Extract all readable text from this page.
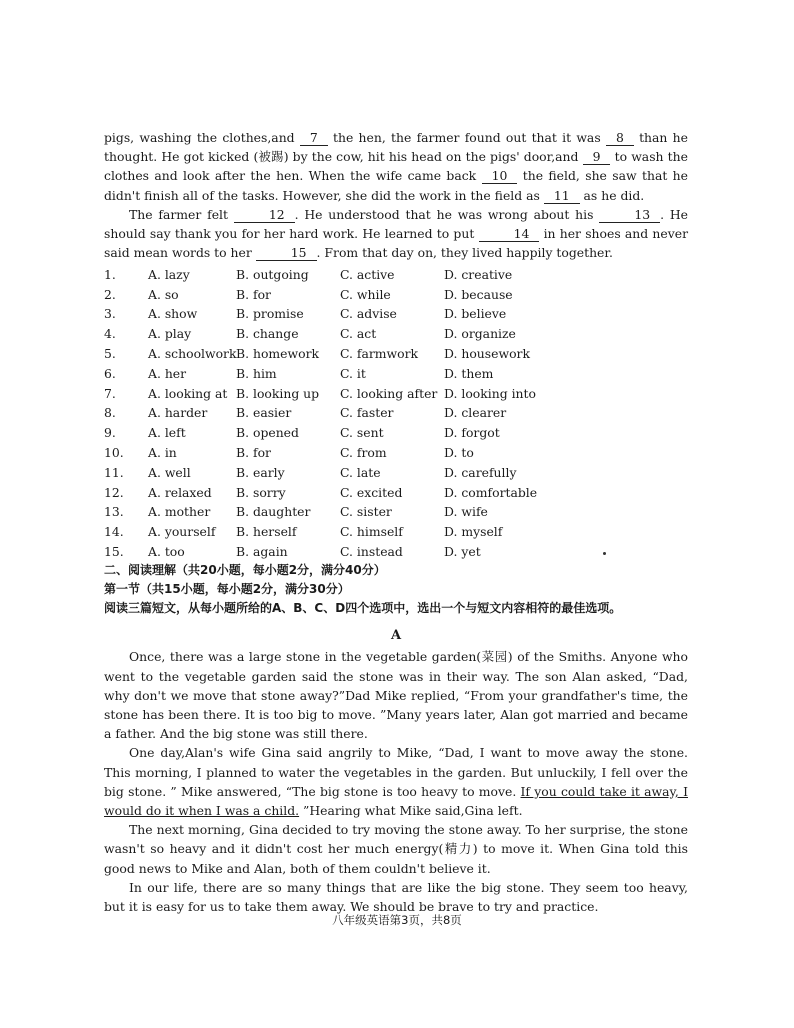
pigs, washing the clothes,and 7 the hen, the farmer found out that it was 8 than he thought. He got kicked (被踢) by the cow, hit his head on the pigs' door,and 9 to wash the clothes and look after the hen. When the wife came back 10 the field, she saw that he didn't finish all of the tasks. However, she did the work in the field as 11 as he did.

The farmer felt	12 . He understood that he was wrong about his	13 . He should say thank you for her hard work. He learned to put	14 in her shoes and never said mean words to her	15 . From that day on, they lived happily together.

1.	A. lazy	B. outgoing	C. active	D. creative
2.	A. so	B. for	C. while	D. because
3.	A. show	B. promise	C. advise	D. believe
4.	A. play	B. change	C. act	D. organize
5.	A. schoolwork B. homework	C. farmwork	D. housework
6.	A. her	B. him	C. it	D. them
7.	A. looking at B. looking up	C. looking after D. looking into
8.	A. harder	B. easier	C. faster	D. clearer
9.	A. left	B. opened	C. sent	D. forgot
10.	A. in	B. for	C. from	D. to
11.	A. well	B. early	C. late	D. carefully
12.	A. relaxed	B. sorry	C. excited	D. comfortable
13.	A. mother	B. daughter	C. sister	D. wife
14.	A. yourself	B. herself	C. himself	D. myself
15.	A. too	B. again	C. instead	D. yet

二、阅读理解（共20小题，每小题2分，满分40分）

第一节（共15小题，每小题2分，满分30分）

阅读三篇短文，从每小题所给的A、B、C、D四个选项中，选出一个与短文内容相符的最佳选项。

A

Once, there was a large stone in the vegetable garden(菜园) of the Smiths. Anyone who went to the vegetable garden said the stone was in their way. The son Alan asked, “Dad, why don't we move that stone away?”Dad Mike replied, “From your grandfather's time, the stone has been there. It is too big to move. ”Many years later, Alan got married and became a father. And the big stone was still there.

One day,Alan's wife Gina said angrily to Mike, “Dad, I want to move away the stone. This morning, I planned to water the vegetables in the garden. But unluckily, I fell over the big stone. ” Mike answered, “The big stone is too heavy to move. If you could take it away, I would do it when I was a child. ”Hearing what Mike said,Gina left.

The next morning, Gina decided to try moving the stone away. To her surprise, the stone wasn't so heavy and it didn't cost her much energy(精力) to move it. When Gina told this good news to Mike and Alan, both of them couldn't believe it.

In our life, there are so many things that are like the big stone. They seem too heavy, but it is easy for us to take them away. We should be brave to try and practice.

八年级英语第3页，共8页
